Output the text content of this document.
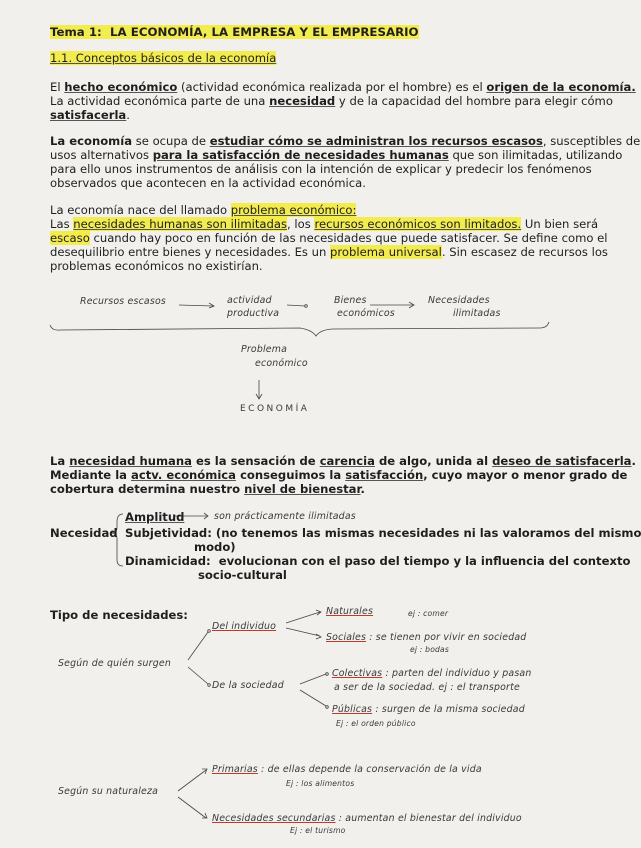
Tema 1: LA ECONOMÍA, LA EMPRESA Y EL EMPRESARIO
1.1. Conceptos básicos de la economía
El hecho económico (actividad económica realizada por el hombre) es el origen de la economía.
La actividad económica parte de una necesidad y de la capacidad del hombre para elegir cómo
satisfacerla.
La economía se ocupa de estudiar cómo se administran los recursos escasos, susceptibles de
usos alternativos para la satisfacción de necesidades humanas que son ilimitadas, utilizando
para ello unos instrumentos de análisis con la intención de explicar y predecir los fenómenos
observados que acontecen en la actividad económica.
La economía nace del llamado problema económico:
Las necesidades humanas son ilimitadas, los recursos económicos son limitados. Un bien será
escaso cuando hay poco en función de las necesidades que puede satisfacer. Se define como el
desequilibrio entre bienes y necesidades. Es un problema universal. Sin escasez de recursos los
problemas económicos no existirían.
Recursos escasos	actividad
productiva
Bienes
económicos
Necesidades
ilimitadas
Problema
económico
ECONOMÍA
La necesidad humana es la sensación de carencia de algo, unida al deseo de satisfacerla.
Mediante la actv. económica conseguimos la satisfacción, cuyo mayor o menor grado de
cobertura determina nuestro nivel de bienestar.
Necesidad
Amplitud	son prácticamente ilimitadas
Subjetividad: (no tenemos las mismas necesidades ni las valoramos del mismo
modo)
Dinamicidad: evolucionan con el paso del tiempo y la influencia del contexto
socio-cultural
Tipo de necesidades:
Según de quién surgen
Del individuo
Naturales	ej : comer
Sociales : se tienen por vivir en sociedad
ej : bodas
De la sociedad
Colectivas : parten del individuo y pasan
a ser de la sociedad. ej : el transporte
Públicas : surgen de la misma sociedad
Ej : el orden público
Según su naturaleza
Primarias : de ellas depende la conservación de la vida
Ej : los alimentos
Necesidades secundarias : aumentan el bienestar del individuo
Ej : el turismo
